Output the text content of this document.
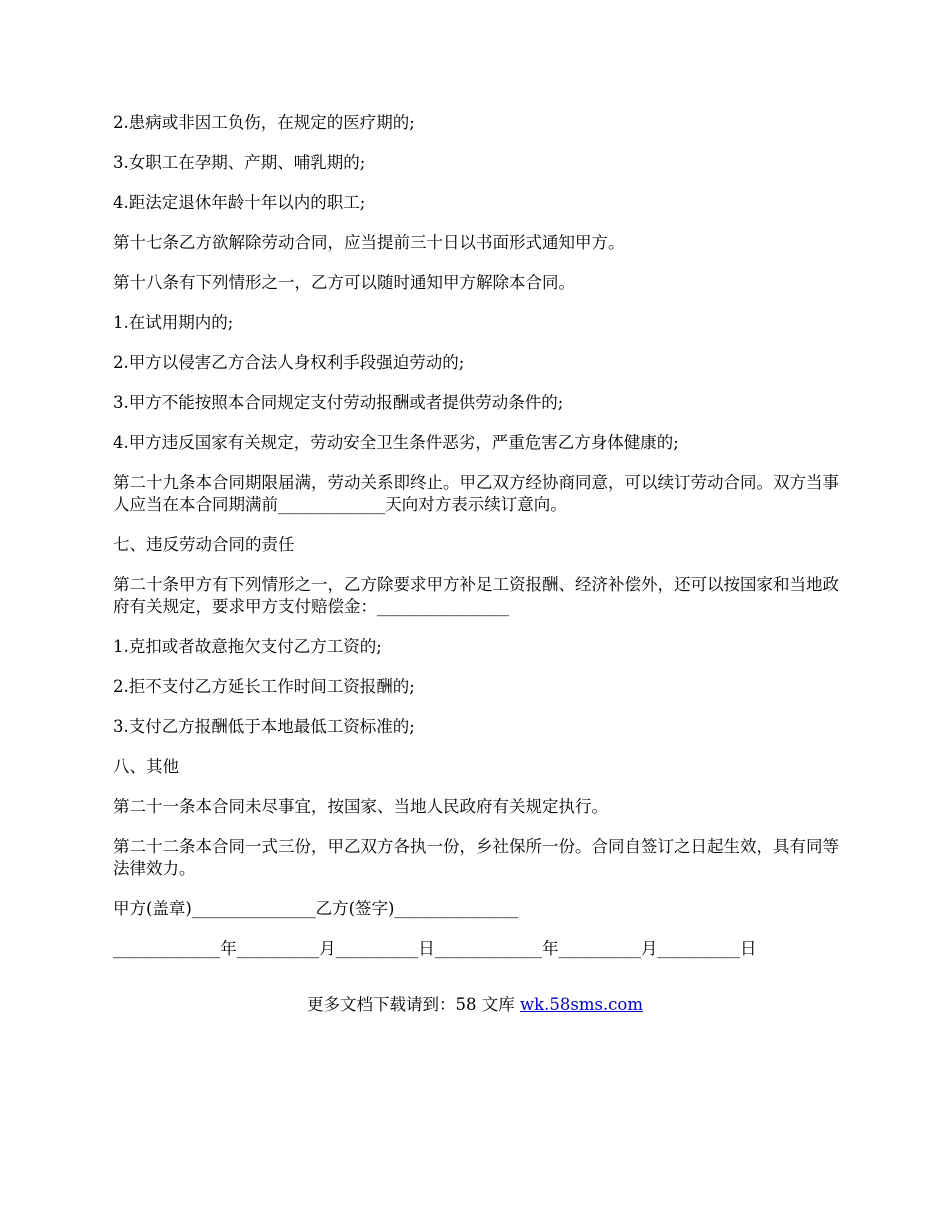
2.患病或非因工负伤，在规定的医疗期的;

3.女职工在孕期、产期、哺乳期的;

4.距法定退休年龄十年以内的职工;

第十七条乙方欲解除劳动合同，应当提前三十日以书面形式通知甲方。

第十八条有下列情形之一，乙方可以随时通知甲方解除本合同。

1.在试用期内的;

2.甲方以侵害乙方合法人身权利手段强迫劳动的;

3.甲方不能按照本合同规定支付劳动报酬或者提供劳动条件的;

4.甲方违反国家有关规定，劳动安全卫生条件恶劣，严重危害乙方身体健康的;

第二十九条本合同期限届满，劳动关系即终止。甲乙双方经协商同意，可以续订劳动合同。双方当事人应当在本合同期满前_____________天向对方表示续订意向。

七、违反劳动合同的责任

第二十条甲方有下列情形之一，乙方除要求甲方补足工资报酬、经济补偿外，还可以按国家和当地政府有关规定，要求甲方支付赔偿金：________________

1.克扣或者故意拖欠支付乙方工资的;

2.拒不支付乙方延长工作时间工资报酬的;

3.支付乙方报酬低于本地最低工资标准的;

八、其他

第二十一条本合同未尽事宜，按国家、当地人民政府有关规定执行。

第二十二条本合同一式三份，甲乙双方各执一份，乡社保所一份。合同自签订之日起生效，具有同等法律效力。

甲方(盖章)_______________乙方(签字)_______________

_____________年__________月__________日_____________年__________月__________日

更多文档下载请到：58 文库 wk.58sms.com
